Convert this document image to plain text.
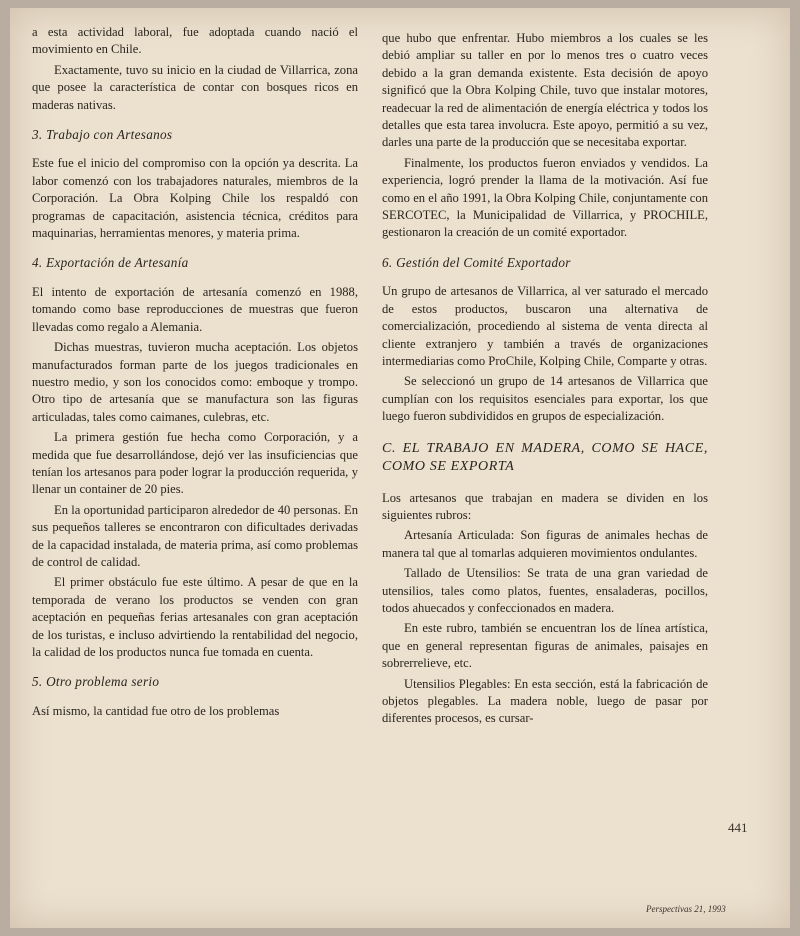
a esta actividad laboral, fue adoptada cuando nació el movimiento en Chile.

Exactamente, tuvo su inicio en la ciudad de Villarrica, zona que posee la característica de contar con bosques ricos en maderas nativas.

3. Trabajo con Artesanos

Este fue el inicio del compromiso con la opción ya descrita. La labor comenzó con los trabajadores naturales, miembros de la Corporación. La Obra Kolping Chile los respaldó con programas de capacitación, asistencia técnica, créditos para maquinarias, herramientas menores, y materia prima.

4. Exportación de Artesanía

El intento de exportación de artesanía comenzó en 1988, tomando como base reproducciones de muestras que fueron llevadas como regalo a Alemania.

Dichas muestras, tuvieron mucha aceptación. Los objetos manufacturados forman parte de los juegos tradicionales en nuestro medio, y son los conocidos como: emboque y trompo. Otro tipo de artesanía que se manufactura son las figuras articuladas, tales como caimanes, culebras, etc.

La primera gestión fue hecha como Corporación, y a medida que fue desarrollándose, dejó ver las insuficiencias que tenían los artesanos para poder lograr la producción requerida, y llenar un container de 20 pies.

En la oportunidad participaron alrededor de 40 personas. En sus pequeños talleres se encontraron con dificultades derivadas de la capacidad instalada, de materia prima, así como problemas de control de calidad.

El primer obstáculo fue este último. A pesar de que en la temporada de verano los productos se venden con gran aceptación en pequeñas ferias artesanales con gran aceptación de los turistas, e incluso advirtiendo la rentabilidad del negocio, la calidad de los productos nunca fue tomada en cuenta.

5. Otro problema serio

Así mismo, la cantidad fue otro de los problemas

que hubo que enfrentar. Hubo miembros a los cuales se les debió ampliar su taller en por lo menos tres o cuatro veces debido a la gran demanda existente. Esta decisión de apoyo significó que la Obra Kolping Chile, tuvo que instalar motores, readecuar la red de alimentación de energía eléctrica y todos los detalles que esta tarea involucra. Este apoyo, permitió a su vez, darles una parte de la producción que se necesitaba exportar.

Finalmente, los productos fueron enviados y vendidos. La experiencia, logró prender la llama de la motivación. Así fue como en el año 1991, la Obra Kolping Chile, conjuntamente con SERCOTEC, la Municipalidad de Villarrica, y PROCHILE, gestionaron la creación de un comité exportador.

6. Gestión del Comité Exportador

Un grupo de artesanos de Villarrica, al ver saturado el mercado de estos productos, buscaron una alternativa de comercialización, procediendo al sistema de venta directa al cliente extranjero y también a través de organizaciones intermediarias como ProChile, Kolping Chile, Comparte y otras.

Se seleccionó un grupo de 14 artesanos de Villarrica que cumplían con los requisitos esenciales para exportar, los que luego fueron subdivididos en grupos de especialización.

C. EL TRABAJO EN MADERA, COMO SE HACE, COMO SE EXPORTA

Los artesanos que trabajan en madera se dividen en los siguientes rubros:

Artesanía Articulada: Son figuras de animales hechas de manera tal que al tomarlas adquieren movimientos ondulantes.

Tallado de Utensilios: Se trata de una gran variedad de utensilios, tales como platos, fuentes, ensaladeras, pocillos, todos ahuecados y confeccionados en madera.

En este rubro, también se encuentran los de línea artística, que en general representan figuras de animales, paisajes en sobrerrelieve, etc.

Utensilios Plegables: En esta sección, está la fabricación de objetos plegables. La madera noble, luego de pasar por diferentes procesos, es cursar-

441
Perspectivas 21, 1993
